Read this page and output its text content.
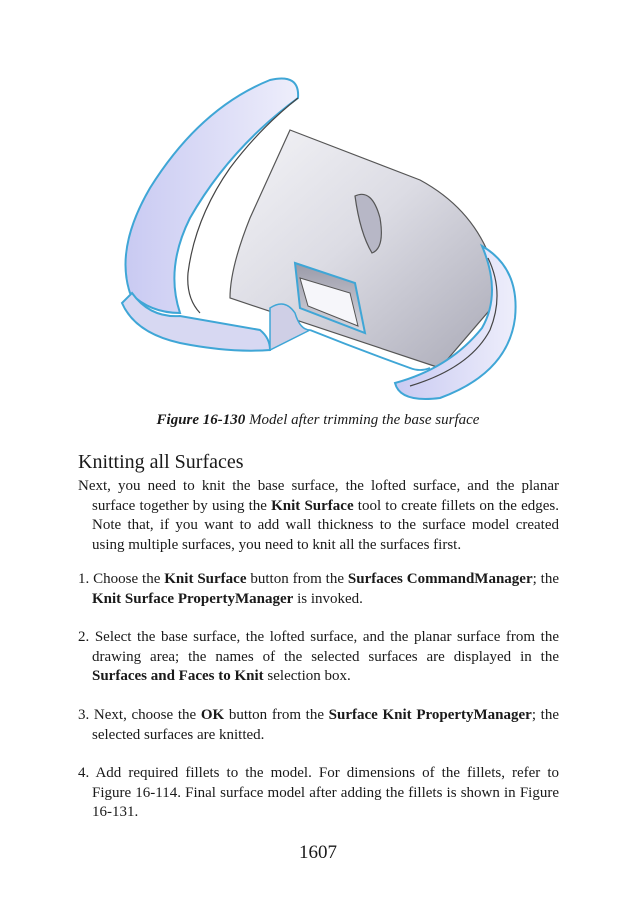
Figure 16-130 Model after trimming the base surface
Knitting all Surfaces

Next, you need to knit the base surface, the lofted surface, and the planar surface together by using the Knit Surface tool to create fillets on the edges. Note that, if you want to add wall thickness to the surface model created using multiple surfaces, you need to knit all the surfaces first.

1. Choose the Knit Surface button from the Surfaces CommandManager; the Knit Surface PropertyManager is invoked.

2. Select the base surface, the lofted surface, and the planar surface from the drawing area; the names of the selected surfaces are displayed in the Surfaces and Faces to Knit selection box.

3. Next, choose the OK button from the Surface Knit PropertyManager; the selected surfaces are knitted.

4. Add required fillets to the model. For dimensions of the fillets, refer to Figure 16-114. Final surface model after adding the fillets is shown in Figure 16-131.

1607
